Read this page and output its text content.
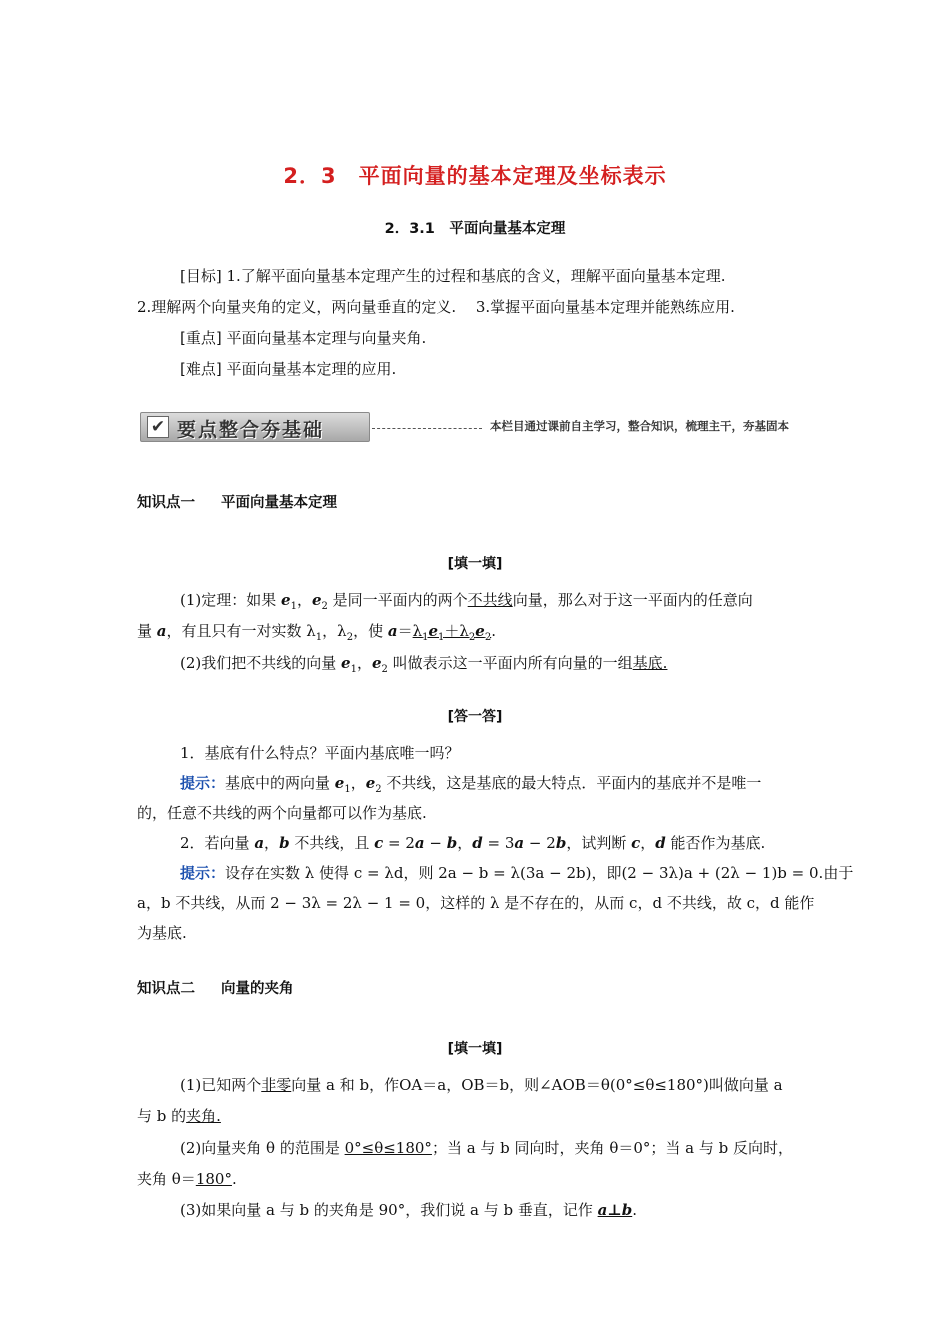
2．3　平面向量的基本定理及坐标表示
2．3.1　平面向量基本定理
[目标] 1.了解平面向量基本定理产生的过程和基底的含义，理解平面向量基本定理.
2.理解两个向量夹角的定义，两向量垂直的定义.　 3.掌握平面向量基本定理并能熟练应用.
[重点] 平面向量基本定理与向量夹角.
[难点] 平面向量基本定理的应用.
✔ 要点整合夯基础	本栏目通过课前自主学习，整合知识，梳理主干，夯基固本
知识点一 平面向量基本定理
[填一填]
(1)定理：如果 $e_1$，$e_2$ 是同一平面内的两个不共线向量，那么对于这一平面内的任意向
量 a，有且只有一对实数 $\lambda_1$，$\lambda_2$，使 $a=\lambda_1e_1+\lambda_2e_2$.
(2)我们把不共线的向量 $e_1$，$e_2$ 叫做表示这一平面内所有向量的一组基底.
[答一答]
1．基底有什么特点？平面内基底唯一吗？
提示：基底中的两向量 $e_1$，$e_2$ 不共线，这是基底的最大特点．平面内的基底并不是唯一
的，任意不共线的两个向量都可以作为基底.
2．若向量 a，b 不共线，且 c = 2a − b，d = 3a − 2b，试判断 c，d 能否作为基底.
提示：设存在实数 λ 使得 c = λd，则 2a − b = λ(3a − 2b)，即(2 − 3λ)a + (2λ − 1)b = 0.由于
a，b 不共线，从而 2 − 3λ = 2λ − 1 = 0，这样的 λ 是不存在的，从而 c，d 不共线，故 c，d 能作
为基底.
知识点二 向量的夹角
[填一填]
(1)已知两个非零向量 a 和 b，作OA＝a，OB＝b，则∠AOB＝θ(0°≤θ≤180°)叫做向量 a
与 b 的夹角.
(2)向量夹角 θ 的范围是 0°≤θ≤180°；当 a 与 b 同向时，夹角 θ＝0°；当 a 与 b 反向时，
夹角 θ＝180°.
(3)如果向量 a 与 b 的夹角是 90°，我们说 a 与 b 垂直，记作 a⊥b.
